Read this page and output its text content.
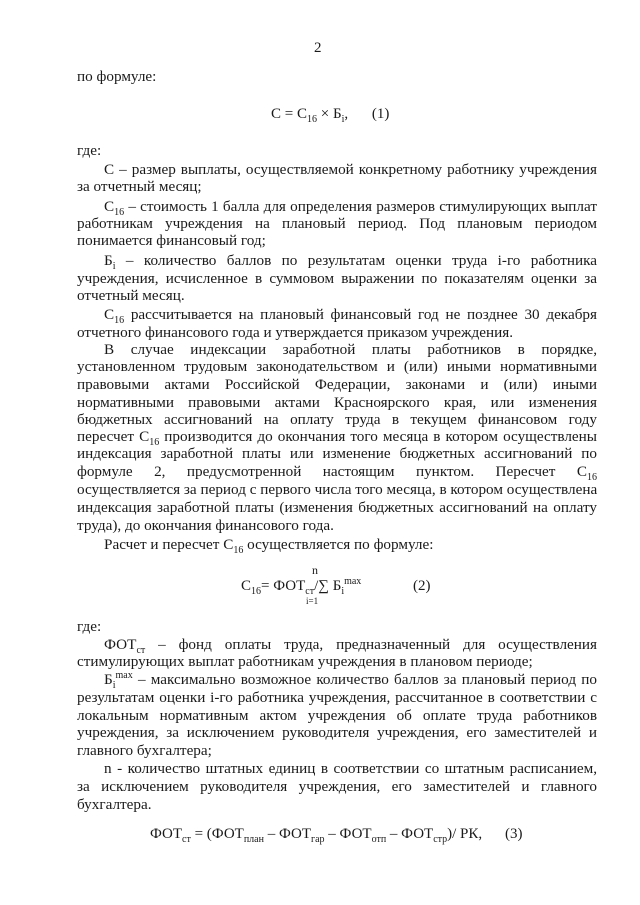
2
по формуле:
$С = С_{16} \times Б_i$, (1)
где:
С – размер выплаты, осуществляемой конкретному работнику учреждения
за отчетный месяц;
$С_{16}$ – стоимость 1 балла для определения размеров стимулирующих выплат
работникам учреждения на плановый период. Под плановым периодом
понимается финансовый год;
$Б_i$ – количество баллов по результатам оценки труда i-го работника
учреждения, исчисленное в суммовом выражении по показателям оценки за
отчетный месяц.
$С_{16}$ рассчитывается на плановый финансовый год не позднее 30 декабря
отчетного финансового года и утверждается приказом учреждения.
В случае индексации заработной платы работников в порядке,
установленном трудовым законодательством и (или) иными нормативными
правовыми актами Российской Федерации, законами и (или) иными
нормативными правовыми актами Красноярского края, или изменения
бюджетных ассигнований на оплату труда в текущем финансовом году
пересчет $С_{16}$ производится до окончания того месяца в котором осуществлены
индексация заработной платы или изменение бюджетных ассигнований по
формуле 2, предусмотренной настоящим пунктом. Пересчет $С_{16}$
осуществляется за период с первого числа того месяца, в котором осуществлена
индексация заработной платы (изменения бюджетных ассигнований на оплату
труда), до окончания финансового года.
Расчет и пересчет $С_{16}$ осуществляется по формуле:
n
$С_{16}= ФОТ_{ст}/\sum$ $Б_i^{max}$
i=1
(2)
где:
$ФОТ_{ст}$ – фонд оплаты труда, предназначенный для осуществления
стимулирующих выплат работникам учреждения в плановом периоде;
$Б_i^{max}$ – максимально возможное количество баллов за плановый период по
результатам оценки i-го работника учреждения, рассчитанное в соответствии с
локальным нормативным актом учреждения об оплате труда работников
учреждения, за исключением руководителя учреждения, его заместителей и
главного бухгалтера;
n - количество штатных единиц в соответствии со штатным расписанием,
за исключением руководителя учреждения, его заместителей и главного
бухгалтера.
$ФОТ_{ст} = (ФОТ_{план} - ФОТ_{гар} - ФОТ_{отп} - ФОТ_{стр})/$ РК, (3)
